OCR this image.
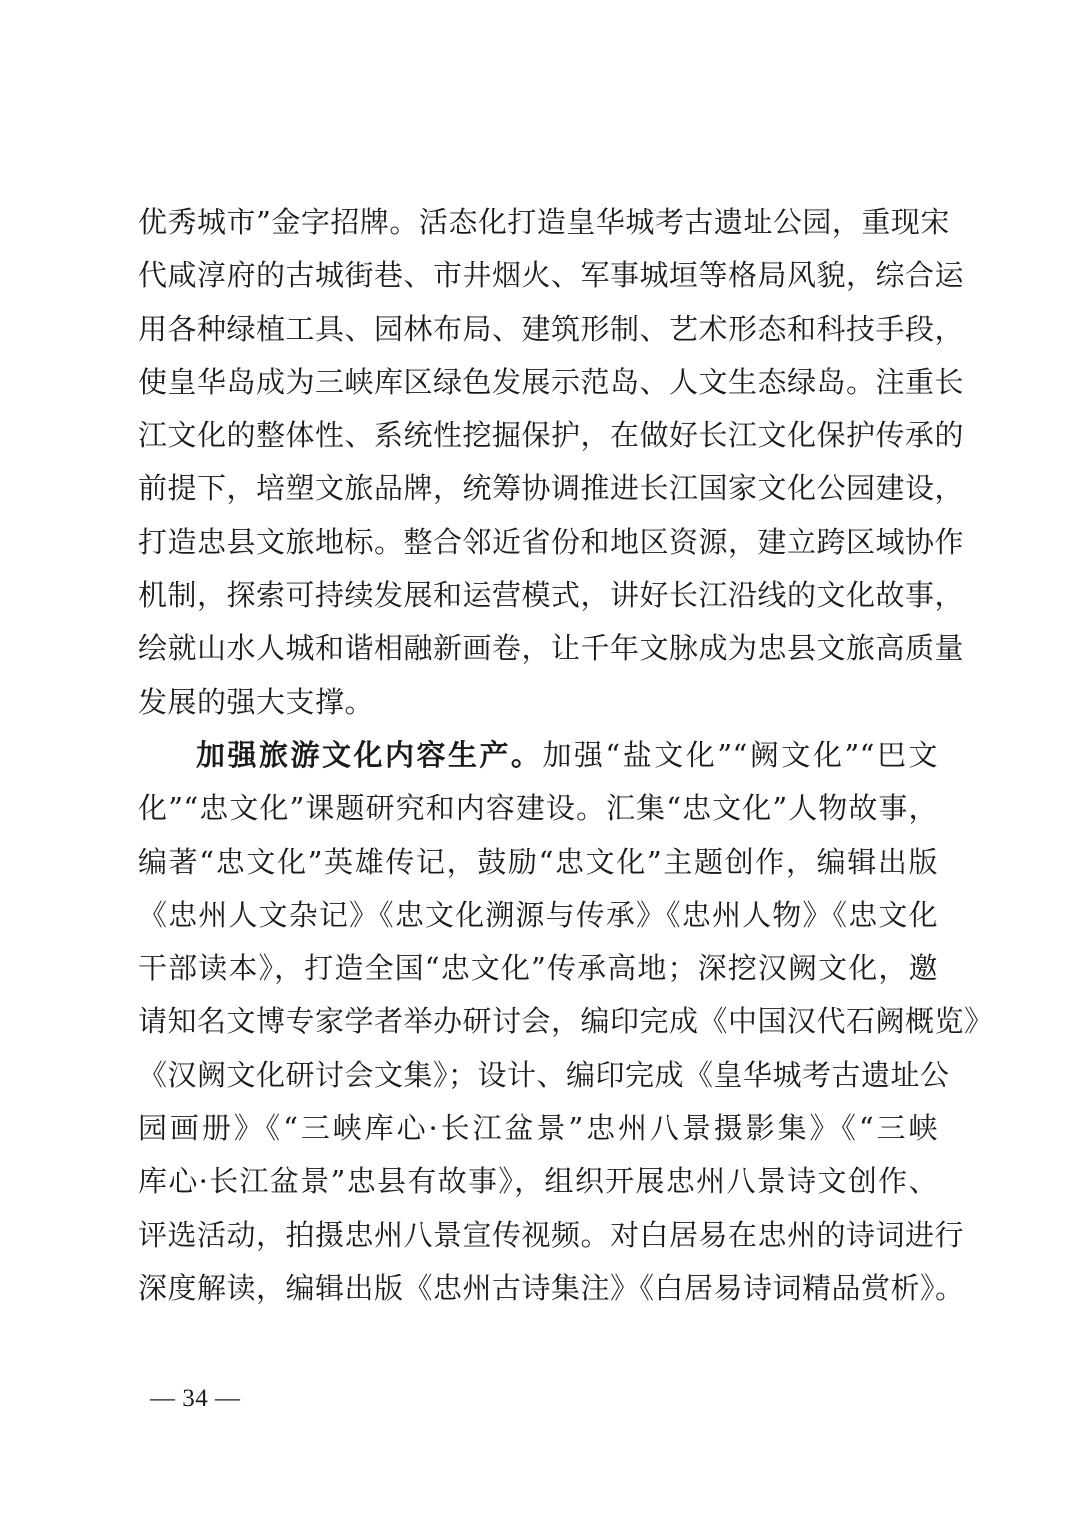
优秀城市”金字招牌。活态化打造皇华城考古遗址公园，重现宋
代咸淳府的古城街巷、市井烟火、军事城垣等格局风貌，综合运
用各种绿植工具、园林布局、建筑形制、艺术形态和科技手段，
使皇华岛成为三峡库区绿色发展示范岛、人文生态绿岛。注重长
江文化的整体性、系统性挖掘保护，在做好长江文化保护传承的
前提下，培塑文旅品牌，统筹协调推进长江国家文化公园建设，
打造忠县文旅地标。整合邻近省份和地区资源，建立跨区域协作
机制，探索可持续发展和运营模式，讲好长江沿线的文化故事，
绘就山水人城和谐相融新画卷，让千年文脉成为忠县文旅高质量
发展的强大支撑。
加强旅游文化内容生产。加强“盐文化”“阙文化”“巴文
化”“忠文化”课题研究和内容建设。汇集“忠文化”人物故事，
编著“忠文化”英雄传记，鼓励“忠文化”主题创作，编辑出版
《忠州人文杂记》《忠文化溯源与传承》《忠州人物》《忠文化
干部读本》，打造全国“忠文化”传承高地；深挖汉阙文化，邀
请知名文博专家学者举办研讨会，编印完成《中国汉代石阙概览》
《汉阙文化研讨会文集》；设计、编印完成《皇华城考古遗址公
园画册》《“三峡库心·长江盆景”忠州八景摄影集》《“三峡
库心·长江盆景”忠县有故事》，组织开展忠州八景诗文创作、
评选活动，拍摄忠州八景宣传视频。对白居易在忠州的诗词进行
深度解读，编辑出版《忠州古诗集注》《白居易诗词精品赏析》。
— 34 —
